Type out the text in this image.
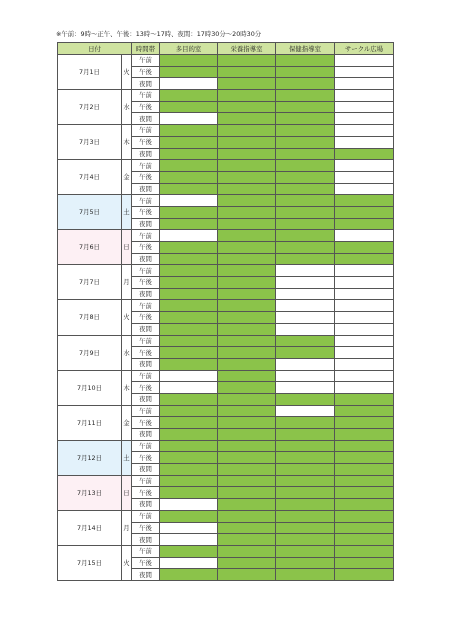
※午前：9時～正午、午後：13時～17時、夜間：17時30分～20時30分
日付		時間帯	多目的室	栄養指導室	保健指導室	サークル広場
7月1日	火	午前				
		午後				
		夜間				
7月2日	水	午前				
		午後				
		夜間				
7月3日	木	午前				
		午後				
		夜間				
7月4日	金	午前				
		午後				
		夜間				
7月5日	土	午前				
		午後				
		夜間				
7月6日	日	午前				
		午後				
		夜間				
7月7日	月	午前				
		午後				
		夜間				
7月8日	火	午前				
		午後				
		夜間				
7月9日	水	午前				
		午後				
		夜間				
7月10日	木	午前				
		午後				
		夜間				
7月11日	金	午前				
		午後				
		夜間				
7月12日	土	午前				
		午後				
		夜間				
7月13日	日	午前				
		午後				
		夜間				
7月14日	月	午前				
		午後				
		夜間				
7月15日	火	午前				
		午後				
		夜間				
